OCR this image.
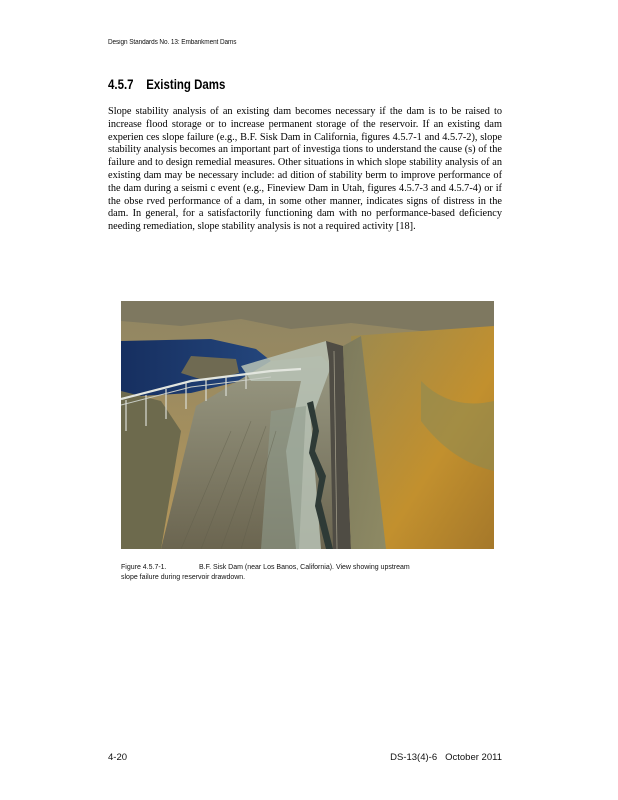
Design Standards No. 13: Embankment Dams
4.5.7 Existing Dams

Slope stability analysis of an existing dam becomes necessary if the dam is to be raised to increase flood storage or to increase permanent storage of the reservoir. If an existing dam experien ces slope failure (e.g., B.F. Sisk Dam in California, figures 4.5.7-1 and 4.5.7-2), slope stability analysis becomes an important part of investiga tions to understand the cause (s) of the failure and to design remedial measures. Other situations in which slope stability analysis of an existing dam may be necessary include: ad dition of stability berm to improve performance of the dam during a seismi c event (e.g., Fineview Dam in Utah, figures 4.5.7-3 and 4.5.7-4) or if the obse rved performance of a dam, in some other manner, indicates signs of distress in the dam. In general, for a satisfactorily functioning dam with no performance-based deficiency needing remediation, slope stability analysis is not a required activity [18].

Figure 4.5.7-1.	B.F. Sisk Dam (near Los Banos, California). View showing upstream slope failure during reservoir drawdown.
4-20	DS-13(4)-6 October 2011
